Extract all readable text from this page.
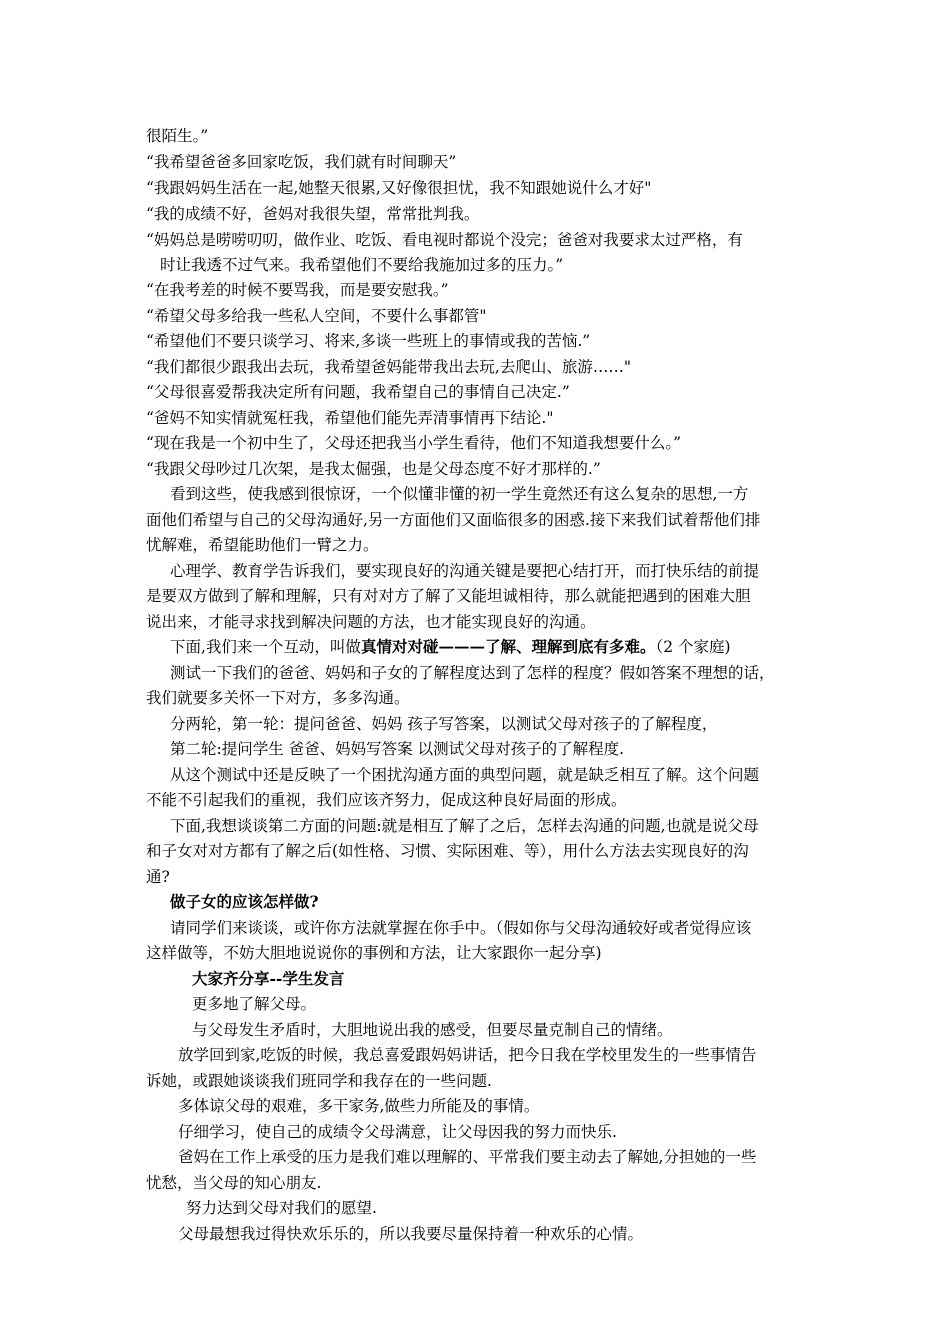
很陌生。”
“我希望爸爸多回家吃饭，我们就有时间聊天”
“我跟妈妈生活在一起,她整天很累,又好像很担忧，我不知跟她说什么才好"
“我的成绩不好，爸妈对我很失望，常常批判我。
“妈妈总是唠唠叨叨，做作业、吃饭、看电视时都说个没完；爸爸对我要求太过严格，有
时让我透不过气来。我希望他们不要给我施加过多的压力。”
“在我考差的时候不要骂我，而是要安慰我。”
“希望父母多给我一些私人空间，不要什么事都管"
“希望他们不要只谈学习、将来,多谈一些班上的事情或我的苦恼.”
“我们都很少跟我出去玩，我希望爸妈能带我出去玩,去爬山、旅游……"
“父母很喜爱帮我决定所有问题，我希望自己的事情自己决定.”
“爸妈不知实情就冤枉我，希望他们能先弄清事情再下结论."
“现在我是一个初中生了，父母还把我当小学生看待，他们不知道我想要什么。”
“我跟父母吵过几次架，是我太倔强，也是父母态度不好才那样的.”
看到这些，使我感到很惊讶，一个似懂非懂的初一学生竟然还有这么复杂的思想,一方
面他们希望与自己的父母沟通好,另一方面他们又面临很多的困惑.接下来我们试着帮他们排
忧解难，希望能助他们一臂之力。
心理学、教育学告诉我们，要实现良好的沟通关键是要把心结打开，而打快乐结的前提
是要双方做到了解和理解，只有对对方了解了又能坦诚相待，那么就能把遇到的困难大胆
说出来，才能寻求找到解决问题的方法，也才能实现良好的沟通。
下面,我们来一个互动，叫做真情对对碰———了解、理解到底有多难。（2 个家庭)
测试一下我们的爸爸、妈妈和子女的了解程度达到了怎样的程度？假如答案不理想的话，
我们就要多关怀一下对方，多多沟通。
分两轮，第一轮：提问爸爸、妈妈 孩子写答案，以测试父母对孩子的了解程度，
第二轮:提问学生 爸爸、妈妈写答案 以测试父母对孩子的了解程度.
从这个测试中还是反映了一个困扰沟通方面的典型问题，就是缺乏相互了解。这个问题
不能不引起我们的重视，我们应该齐努力，促成这种良好局面的形成。
下面,我想谈谈第二方面的问题:就是相互了解了之后，怎样去沟通的问题,也就是说父母
和子女对对方都有了解之后(如性格、习惯、实际困难、等），用什么方法去实现良好的沟
通?
做子女的应该怎样做?
请同学们来谈谈，或许你方法就掌握在你手中。（假如你与父母沟通较好或者觉得应该
这样做等，不妨大胆地说说你的事例和方法，让大家跟你一起分享)
大家齐分享--学生发言
更多地了解父母。
与父母发生矛盾时，大胆地说出我的感受，但要尽量克制自己的情绪。
放学回到家,吃饭的时候，我总喜爱跟妈妈讲话，把今日我在学校里发生的一些事情告
诉她，或跟她谈谈我们班同学和我存在的一些问题.
多体谅父母的艰难，多干家务,做些力所能及的事情。
仔细学习，使自己的成绩令父母满意，让父母因我的努力而快乐.
爸妈在工作上承受的压力是我们难以理解的、平常我们要主动去了解她,分担她的一些
忧愁，当父母的知心朋友.
努力达到父母对我们的愿望.
父母最想我过得快欢乐乐的，所以我要尽量保持着一种欢乐的心情。
